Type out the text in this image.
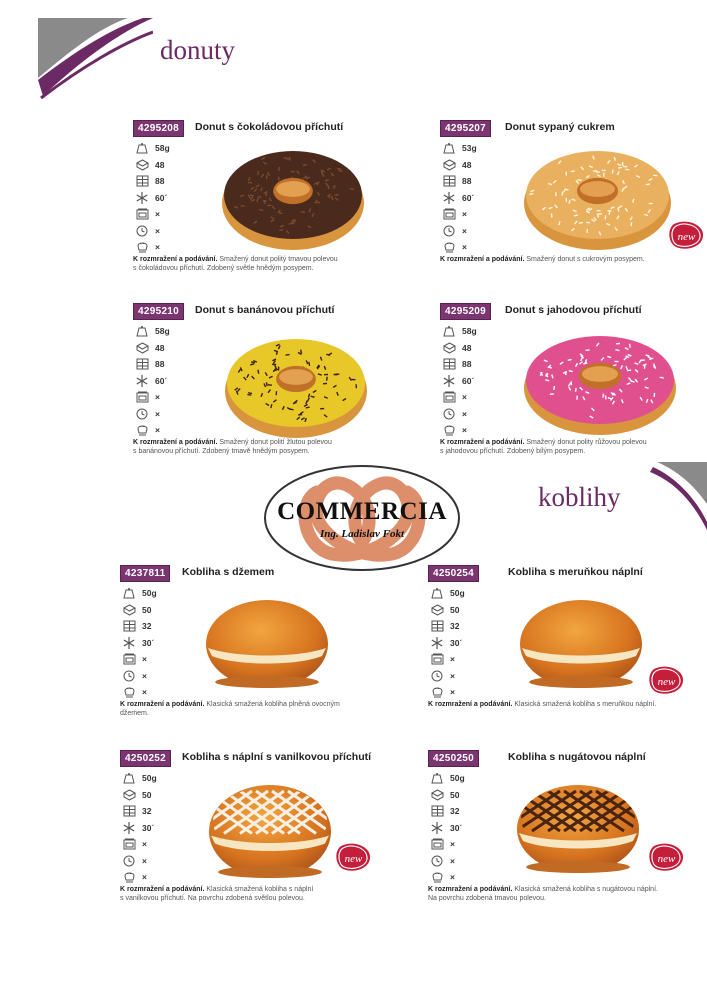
donuty
koblihy
COMMERCIA
Ing. Ladislav Fokt
4295208	Donut s čokoládovou příchutí
58g
48
88
60´
×
×
×
K rozmražení a podávání. Smažený donut politý tmavou polevou
s čokoládovou příchutí. Zdobený světle hnědým posypem.
4295207	Donut sypaný cukrem
53g
48
88
60´
×
×
×
new
K rozmražení a podávání. Smažený donut s cukrovým posypem.
4295210	Donut s banánovou příchutí
58g
48
88
60´
×
×
×
K rozmražení a podávání. Smažený donut polití žlutou polevou
s banánovou příchutí. Zdobený tmavě hnědým posypem.
4295209	Donut s jahodovou příchutí
58g
48
88
60´
×
×
×
K rozmražení a podávání. Smažený donut polity růžovou polevou
s jahodovou příchutí. Zdobený bílým posypem.
4237811	Kobliha s džemem
50g
50
32
30´
×
×
×
K rozmražení a podávání. Klasická smažená kobliha plněná ovocným džemem.
4250254	Kobliha s meruňkou náplní
50g
50
32
30´
×
×
×
new
K rozmražení a podávání. Klasická smažená kobliha s meruňkou náplní.
4250252	Kobliha s náplní s vanilkovou příchutí
50g
50
32
30´
×
×
×
new
K rozmražení a podávání. Klasická smažená kobliha s náplní
s vanilkovou příchutí. Na povrchu zdobená světlou polevou.
4250250	Kobliha s nugátovou náplní
50g
50
32
30´
×
×
×
new
K rozmražení a podávání. Klasická smažená kobliha s nugátovou náplní.
Na povrchu zdobená tmavou polevou.
